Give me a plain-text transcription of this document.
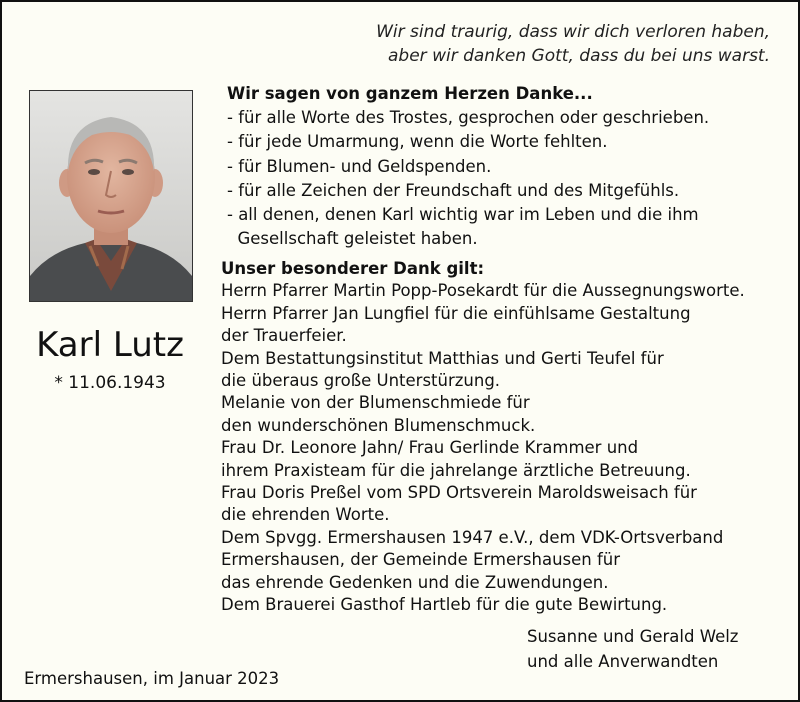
Wir sind traurig, dass wir dich verloren haben,
aber wir danken Gott, dass du bei uns warst.
Karl Lutz
* 11.06.1943
Wir sagen von ganzem Herzen Danke...
- für alle Worte des Trostes, gesprochen oder geschrieben.
- für jede Umarmung, wenn die Worte fehlten.
- für Blumen- und Geldspenden.
- für alle Zeichen der Freundschaft und des Mitgefühls.
- all denen, denen Karl wichtig war im Leben und die ihm
Gesellschaft geleistet haben.
Unser besonderer Dank gilt:
Herrn Pfarrer Martin Popp-Posekardt für die Aussegnungsworte.
Herrn Pfarrer Jan Lungfiel für die einfühlsame Gestaltung
der Trauerfeier.
Dem Bestattungsinstitut Matthias und Gerti Teufel für
die überaus große Unterstürzung.
Melanie von der Blumenschmiede für
den wunderschönen Blumenschmuck.
Frau Dr. Leonore Jahn/ Frau Gerlinde Krammer und
ihrem Praxisteam für die jahrelange ärztliche Betreuung.
Frau Doris Preßel vom SPD Ortsverein Maroldsweisach für
die ehrenden Worte.
Dem Spvgg. Ermershausen 1947 e.V., dem VDK-Ortsverband
Ermershausen, der Gemeinde Ermershausen für
das ehrende Gedenken und die Zuwendungen.
Dem Brauerei Gasthof Hartleb für die gute Bewirtung.
Susanne und Gerald Welz
und alle Anverwandten
Ermershausen, im Januar 2023
